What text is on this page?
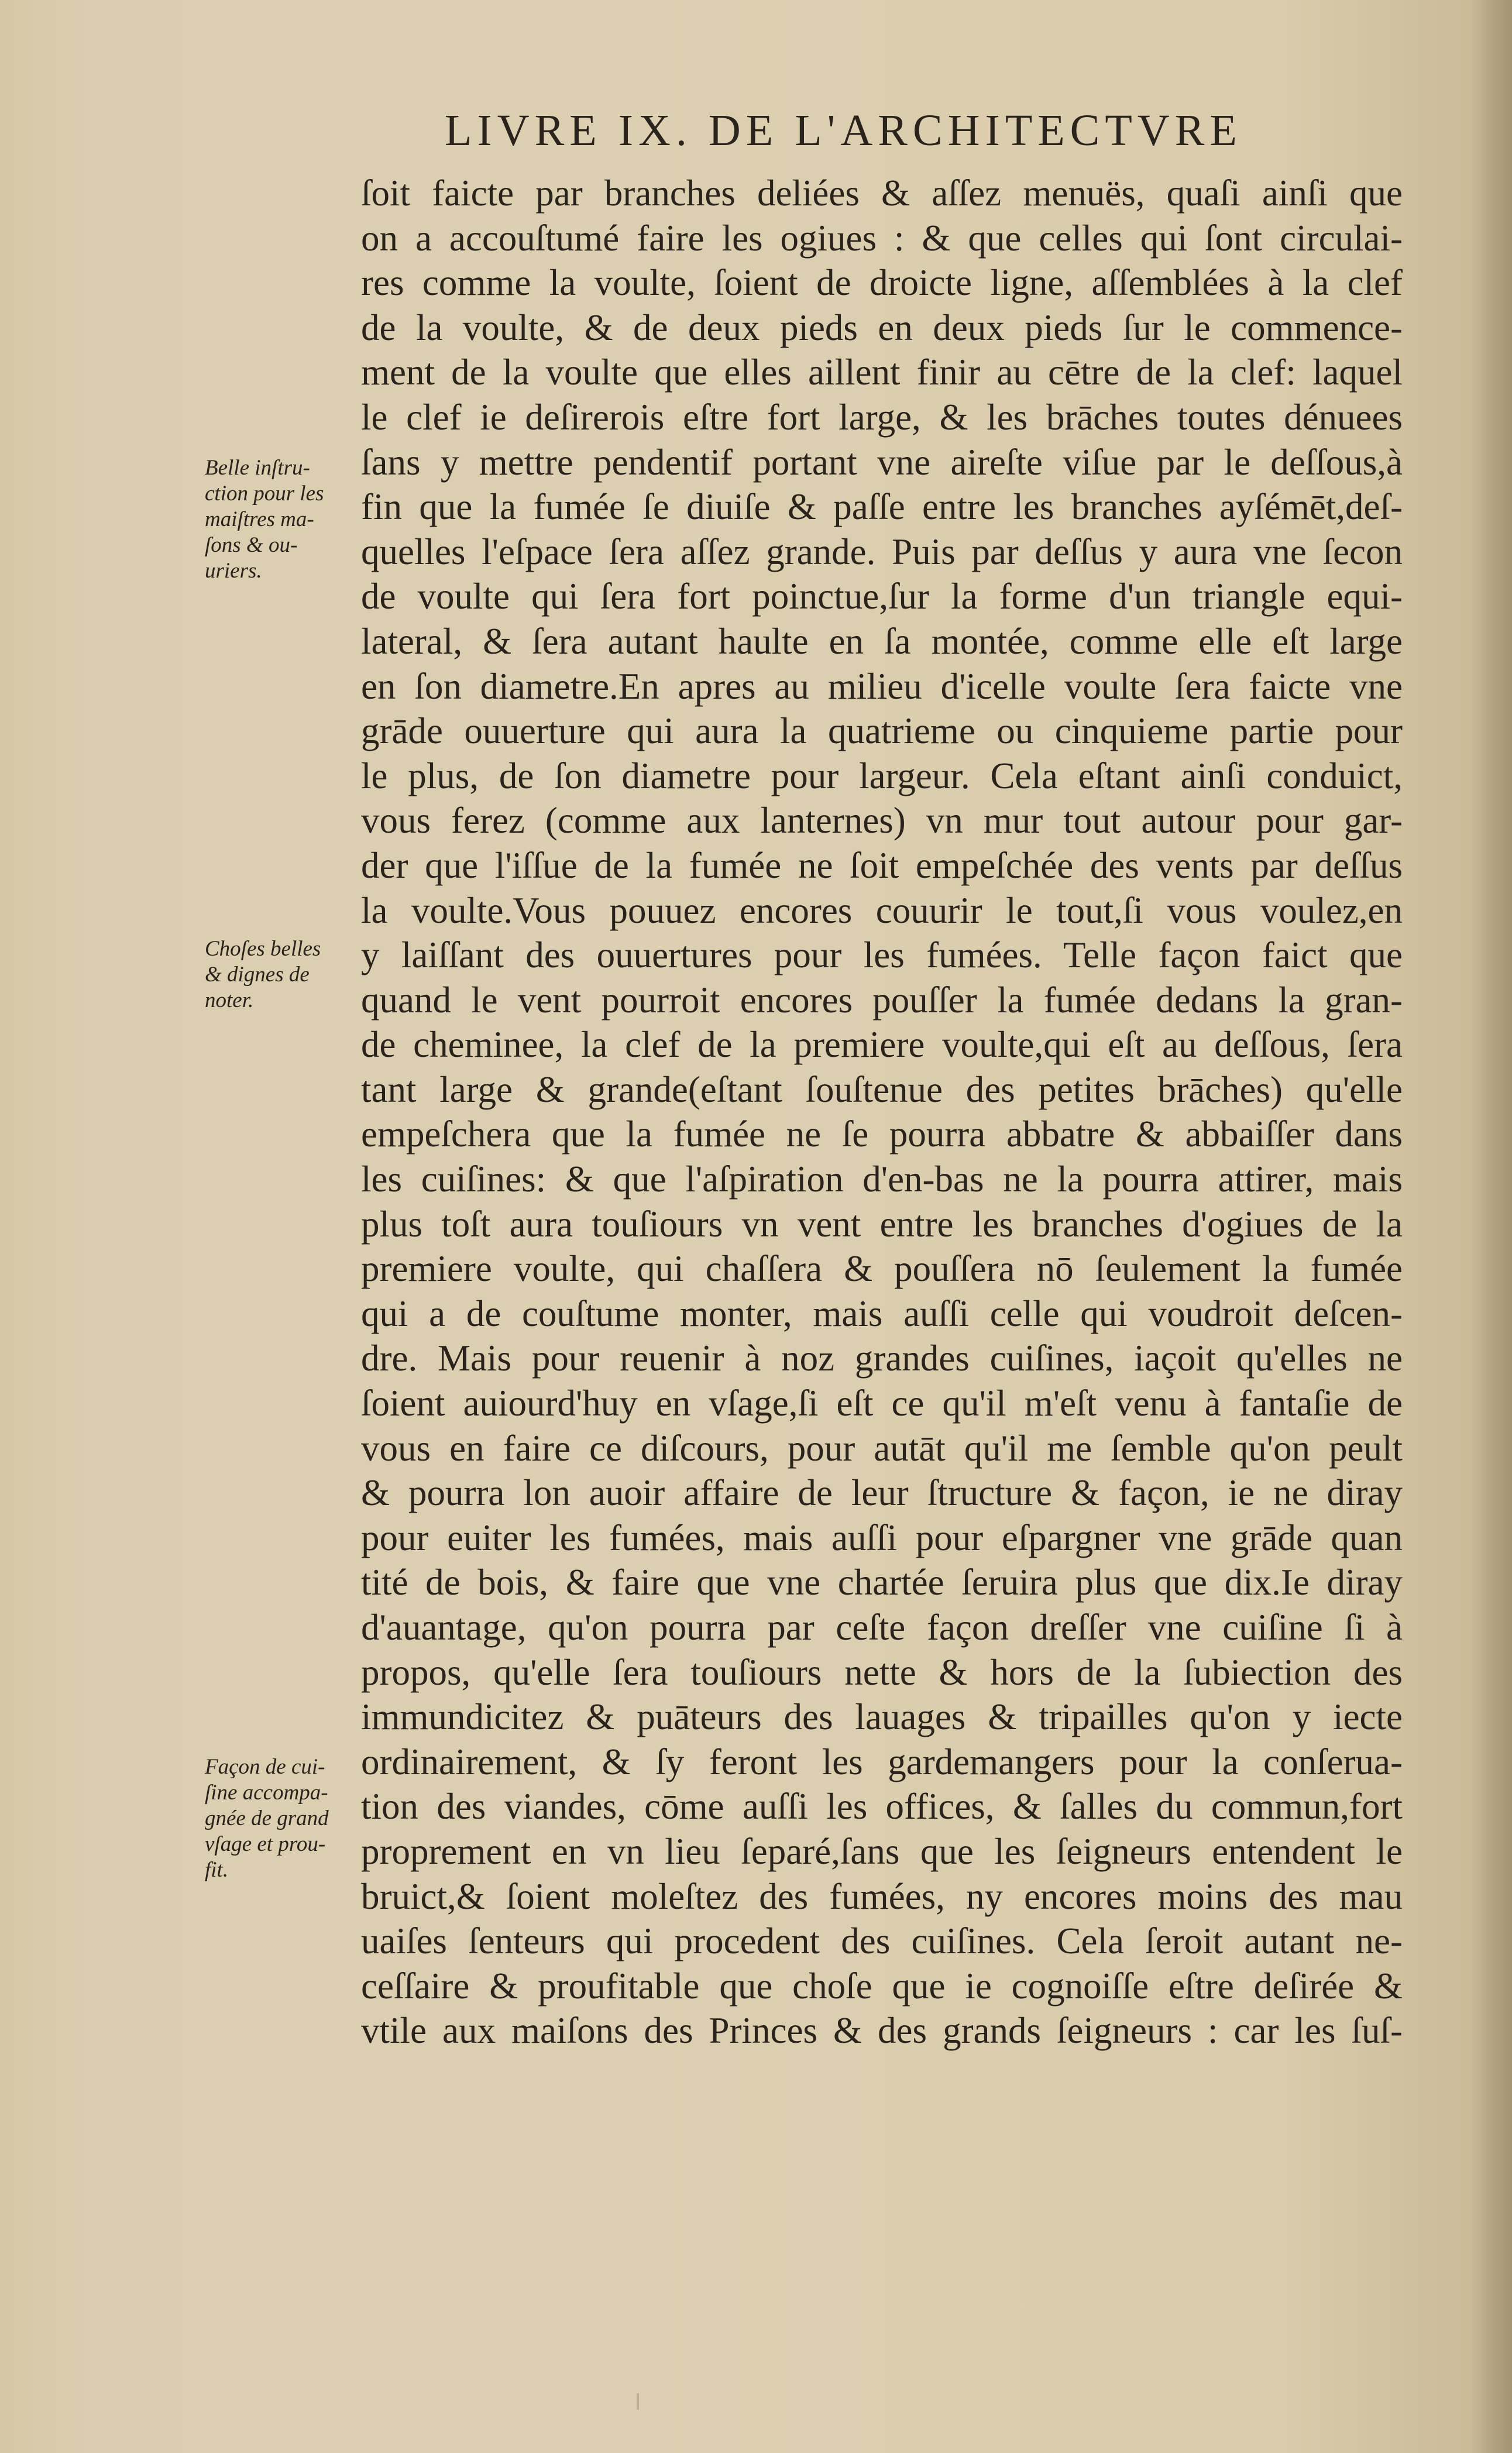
LIVRE IX. DE L'ARCHITECTVRE
ſoit faicte par branches deliées & aſſez menuës, quaſi ainſi que
on a accouſtumé faire les ogiues : & que celles qui ſont circulai-
res comme la voulte, ſoient de droicte ligne, aſſemblées à la clef
de la voulte, & de deux pieds en deux pieds ſur le commence-
ment de la voulte que elles aillent finir au cētre de la clef: laquel
le clef ie deſirerois eſtre fort large, & les brāches toutes dénuees
ſans y mettre pendentif portant vne aireſte viſue par le deſſous,à
fin que la fumée ſe diuiſe & paſſe entre les branches ayſémēt,deſ-
quelles l'eſpace ſera aſſez grande. Puis par deſſus y aura vne ſecon
de voulte qui ſera fort poinctue,ſur la forme d'un triangle equi-
lateral, & ſera autant haulte en ſa montée, comme elle eſt large
en ſon diametre.En apres au milieu d'icelle voulte ſera faicte vne
grāde ouuerture qui aura la quatrieme ou cinquieme partie pour
le plus, de ſon diametre pour largeur. Cela eſtant ainſi conduict,
vous ferez (comme aux lanternes) vn mur tout autour pour gar-
der que l'iſſue de la fumée ne ſoit empeſchée des vents par deſſus
la voulte.Vous pouuez encores couurir le tout,ſi vous voulez,en
y laiſſant des ouuertures pour les fumées. Telle façon faict que
quand le vent pourroit encores pouſſer la fumée dedans la gran-
de cheminee, la clef de la premiere voulte,qui eſt au deſſous, ſera
tant large & grande(eſtant ſouſtenue des petites brāches) qu'elle
empeſchera que la fumée ne ſe pourra abbatre & abbaiſſer dans
les cuiſines: & que l'aſpiration d'en-bas ne la pourra attirer, mais
plus toſt aura touſiours vn vent entre les branches d'ogiues de la
premiere voulte, qui chaſſera & pouſſera nō ſeulement la fumée
qui a de couſtume monter, mais auſſi celle qui voudroit deſcen-
dre. Mais pour reuenir à noz grandes cuiſines, iaçoit qu'elles ne
ſoient auiourd'huy en vſage,ſi eſt ce qu'il m'eſt venu à fantaſie de
vous en faire ce diſcours, pour autāt qu'il me ſemble qu'on peult
& pourra lon auoir affaire de leur ſtructure & façon, ie ne diray
pour euiter les fumées, mais auſſi pour eſpargner vne grāde quan
tité de bois, & faire que vne chartée ſeruira plus que dix.Ie diray
d'auantage, qu'on pourra par ceſte façon dreſſer vne cuiſine ſi à
propos, qu'elle ſera touſiours nette & hors de la ſubiection des
immundicitez & puāteurs des lauages & tripailles qu'on y iecte
ordinairement, & ſy feront les gardemangers pour la conſerua-
tion des viandes, cōme auſſi les offices, & ſalles du commun,fort
proprement en vn lieu ſeparé,ſans que les ſeigneurs entendent le
bruict,& ſoient moleſtez des fumées, ny encores moins des mau
uaiſes ſenteurs qui procedent des cuiſines. Cela ſeroit autant ne-
ceſſaire & proufitable que choſe que ie cognoiſſe eſtre deſirée &
vtile aux maiſons des Princes & des grands ſeigneurs : car les ſuſ-
Belle inſtru-
ction pour les
maiſtres ma-
ſons & ou-
uriers.
Choſes belles
& dignes de
noter.
Façon de cui-
ſine accompa-
gnée de grand
vſage et prou-
fit.
